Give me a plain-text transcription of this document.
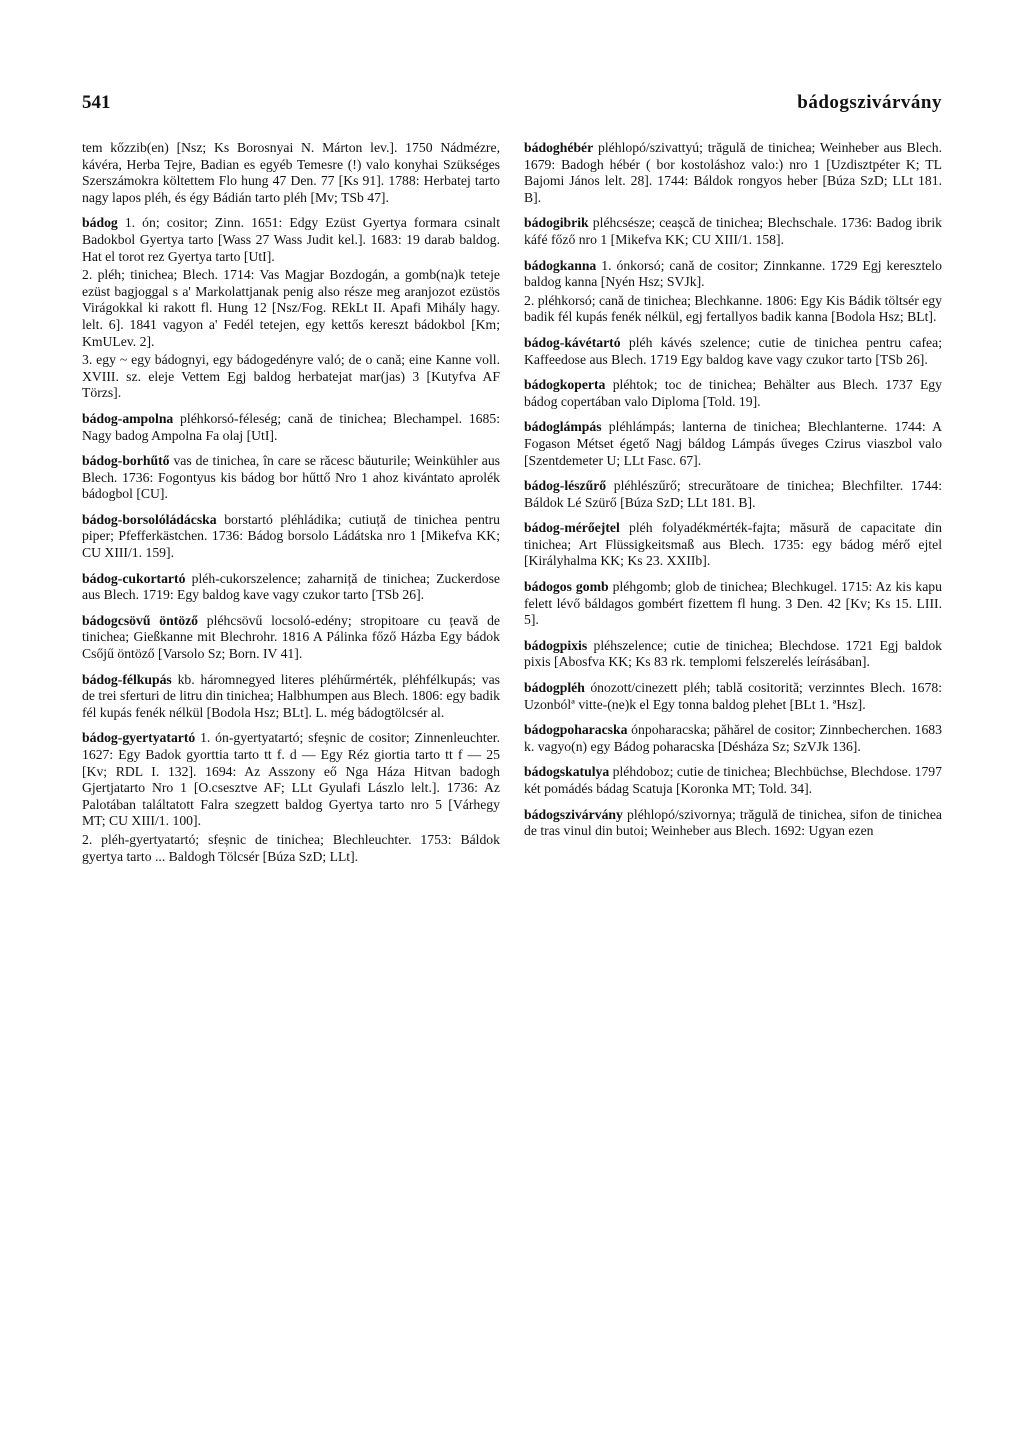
541	bádogszivárvány

tem kőzzib(en) [Nsz; Ks Borosnyai N. Márton lev.]. 1750 Nádmézre, kávéra, Herba Tejre, Badian es egyéb Temesre (!) valo konyhai Szükséges Szerszámokra költettem Flo hung 47 Den. 77 [Ks 91]. 1788: Herbatej tarto nagy lapos pléh, és égy Bádián tarto pléh [Mv; TSb 47].

bádog 1. ón; cositor; Zinn. 1651: Edgy Ezüst Gyertya formara csinalt Badokbol Gyertya tarto [Wass 27 Wass Judit kel.]. 1683: 19 darab baldog. Hat el torot rez Gyertya tarto [UtI].

2. pléh; tinichea; Blech. 1714: Vas Magjar Bozdogán, a gomb(na)k teteje ezüst bagjoggal s a' Markolattjanak penig also része meg aranjozot ezüstös Virágokkal ki rakott fl. Hung 12 [Nsz/Fog. REkLt II. Apafi Mihály hagy. lelt. 6]. 1841 vagyon a' Fedél tetejen, egy kettős kereszt bádokbol [Km; KmULev. 2].

3. egy ~ egy bádognyi, egy bádogedényre való; de o cană; eine Kanne voll. XVIII. sz. eleje Vettem Egj baldog herbatejat mar(jas) 3 [Kutyfva AF Törzs].

bádog-ampolna pléhkorsó-féleség; cană de tinichea; Blechampel. 1685: Nagy badog Ampolna Fa olaj [UtI].

bádog-borhűtő vas de tinichea, în care se răcesc băuturile; Weinkühler aus Blech. 1736: Fogontyus kis bádog bor hűttő Nro 1 ahoz kivántato aprolék bádogbol [CU].

bádog-borsolóládácska borstartó pléhládika; cutiuță de tinichea pentru piper; Pfefferkästchen. 1736: Bádog borsolo Ládátska nro 1 [Mikefva KK; CU XIII/1. 159].

bádog-cukortartó pléh-cukorszelence; zaharniță de tinichea; Zuckerdose aus Blech. 1719: Egy baldog kave vagy czukor tarto [TSb 26].

bádogcsövű öntöző pléhcsövű locsoló-edény; stropitoare cu țeavă de tinichea; Gießkanne mit Blechrohr. 1816 A Pálinka főző Házba Egy bádok Csőjű öntöző [Varsolo Sz; Born. IV 41].

bádog-félkupás kb. háromnegyed literes pléhűrmérték, pléhfélkupás; vas de trei sferturi de litru din tinichea; Halbhumpen aus Blech. 1806: egy badik fél kupás fenék nélkül [Bodola Hsz; BLt]. L. még bádogtölcsér al.

bádog-gyertyatartó 1. ón-gyertyatartó; sfeșnic de cositor; Zinnenleuchter. 1627: Egy Badok gyorttia tarto tt f. d — Egy Réz giortia tarto tt f — 25 [Kv; RDL I. 132]. 1694: Az Asszony eő Nga Háza Hitvan badogh Gjertjatarto Nro 1 [O.csesztve AF; LLt Gyulafi Lászlo lelt.]. 1736: Az Palotában találtatott Falra szegzett baldog Gyertya tarto nro 5 [Várhegy MT; CU XIII/1. 100].

2. pléh-gyertyatartó; sfeșnic de tinichea; Blechleuchter. 1753: Báldok gyertya tarto ... Baldogh Tölcsér [Búza SzD; LLt].

bádoghébér pléhlopó/szivattyú; trăgulă de tinichea; Weinheber aus Blech. 1679: Badogh hébér ( bor kostoláshoz valo:) nro 1 [Uzdisztpéter K; TL Bajomi János lelt. 28]. 1744: Báldok rongyos heber [Búza SzD; LLt 181. B].

bádogibrik pléhcsésze; ceașcă de tinichea; Blechschale. 1736: Badog ibrik káfé főző nro 1 [Mikefva KK; CU XIII/1. 158].

bádogkanna 1. ónkorsó; cană de cositor; Zinnkanne. 1729 Egj keresztelo baldog kanna [Nyén Hsz; SVJk].

2. pléhkorsó; cană de tinichea; Blechkanne. 1806: Egy Kis Bádik töltsér egy badik fél kupás fenék nélkül, egj fertallyos badik kanna [Bodola Hsz; BLt].

bádog-kávétartó pléh kávés szelence; cutie de tinichea pentru cafea; Kaffeedose aus Blech. 1719 Egy baldog kave vagy czukor tarto [TSb 26].

bádogkoperta pléhtok; toc de tinichea; Behälter aus Blech. 1737 Egy bádog copertában valo Diploma [Told. 19].

bádoglámpás pléhlámpás; lanterna de tinichea; Blechlanterne. 1744: A Fogason Métset égető Nagj báldog Lámpás űveges Czirus viaszbol valo [Szentdemeter U; LLt Fasc. 67].

bádog-lészűrő pléhlészűrő; strecurătoare de tinichea; Blechfilter. 1744: Báldok Lé Szürő [Búza SzD; LLt 181. B].

bádog-mérőejtel pléh folyadékmérték-fajta; măsură de capacitate din tinichea; Art Flüssigkeitsmaß aus Blech. 1735: egy bádog mérő ejtel [Királyhalma KK; Ks 23. XXIIb].

bádogos gomb pléhgomb; glob de tinichea; Blechkugel. 1715: Az kis kapu felett lévő báldagos gombért fizettem fl hung. 3 Den. 42 [Kv; Ks 15. LIII. 5].

bádogpixis pléhszelence; cutie de tinichea; Blechdose. 1721 Egj baldok pixis [Abosfva KK; Ks 83 rk. templomi felszerelés leírásában].

bádogpléh ónozott/cinezett pléh; tablă cositorită; verzinntes Blech. 1678: Uzonbólª vitte-(ne)k el Egy tonna baldog plehet [BLt 1. ªHsz].

bádogpoharacska ónpoharacska; păhărel de cositor; Zinnbecherchen. 1683 k. vagyo(n) egy Bádog poharacska [Désháza Sz; SzVJk 136].

bádogskatulya pléhdoboz; cutie de tinichea; Blechbüchse, Blechdose. 1797 két pomádés bádag Scatuja [Koronka MT; Told. 34].

bádogszivárvány pléhlopó/szivornya; trăgulă de tinichea, sifon de tinichea de tras vinul din butoi; Weinheber aus Blech. 1692: Ugyan ezen
